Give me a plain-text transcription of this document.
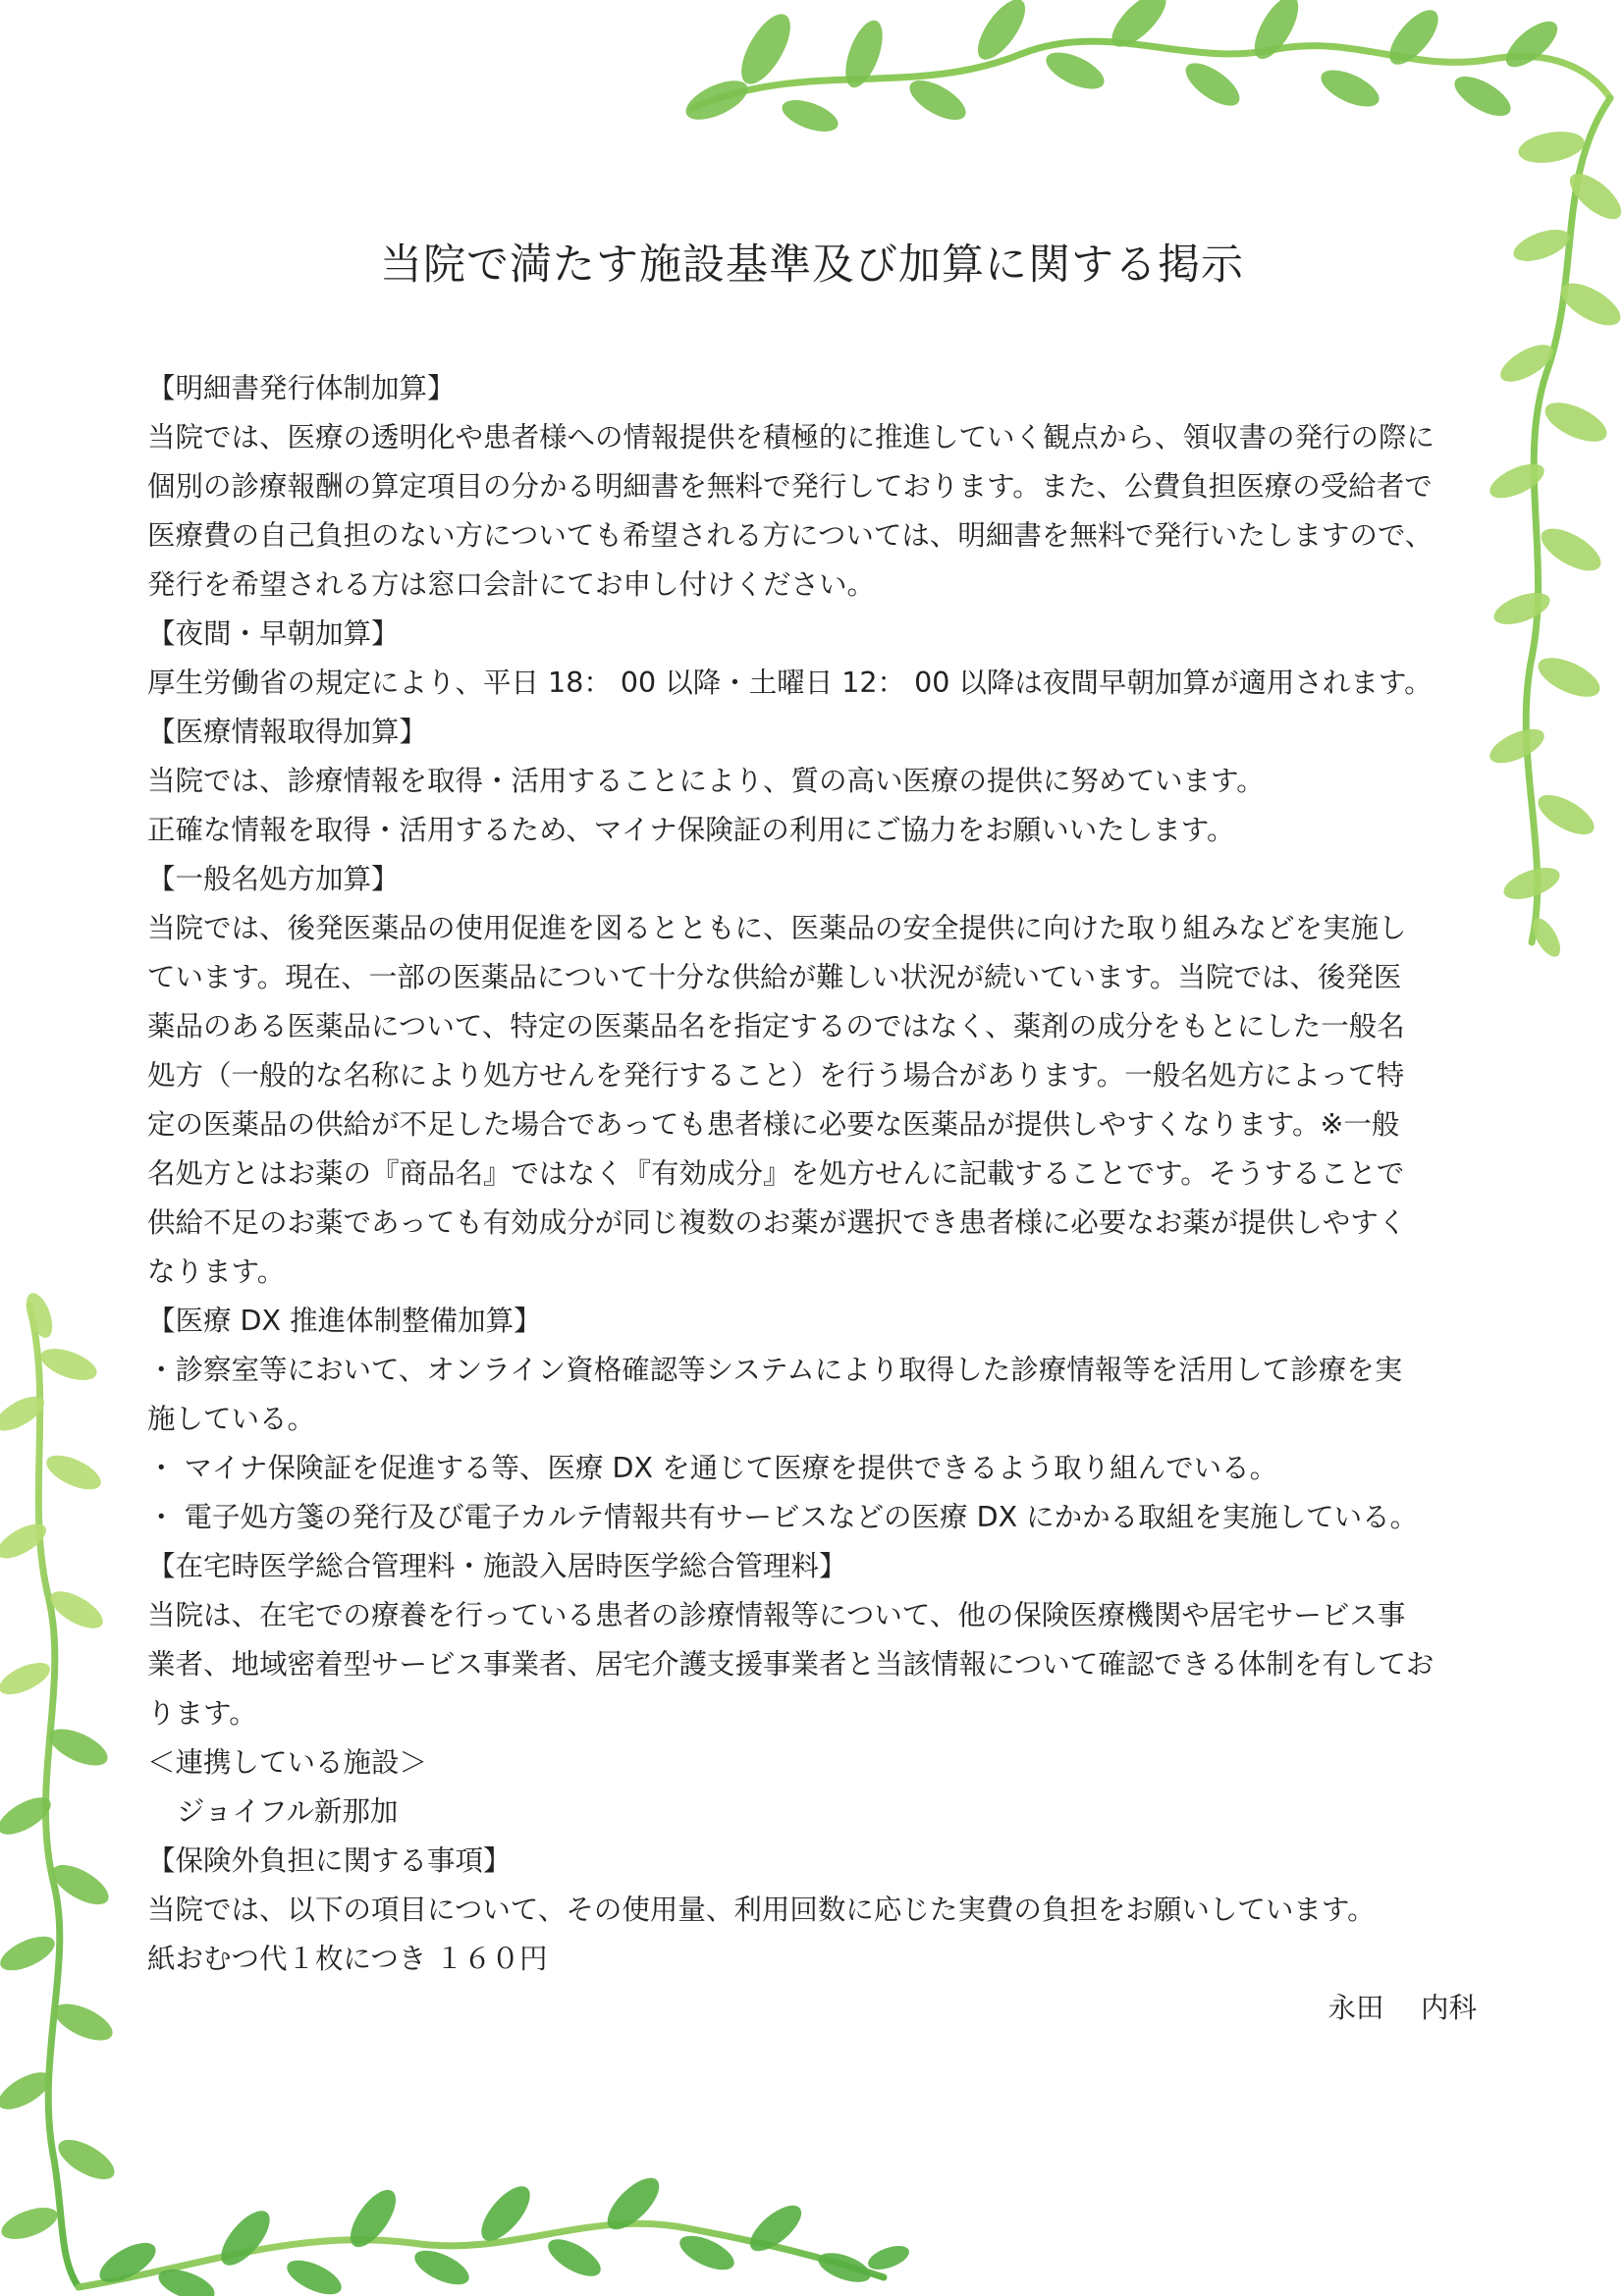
当院で満たす施設基準及び加算に関する掲示

【明細書発行体制加算】

当院では、医療の透明化や患者様への情報提供を積極的に推進していく観点から、領収書の発行の際に

個別の診療報酬の算定項目の分かる明細書を無料で発行しております。また、公費負担医療の受給者で

医療費の自己負担のない方についても希望される方については、明細書を無料で発行いたしますので、

発行を希望される方は窓口会計にてお申し付けください。

【夜間・早朝加算】

厚生労働省の規定により、平日 18： 00 以降・土曜日 12： 00 以降は夜間早朝加算が適用されます。

【医療情報取得加算】

当院では、診療情報を取得・活用することにより、質の高い医療の提供に努めています。

正確な情報を取得・活用するため、マイナ保険証の利用にご協力をお願いいたします。

【一般名処方加算】

当院では、後発医薬品の使用促進を図るとともに、医薬品の安全提供に向けた取り組みなどを実施し

ています。現在、一部の医薬品について十分な供給が難しい状況が続いています。当院では、後発医

薬品のある医薬品について、特定の医薬品名を指定するのではなく、薬剤の成分をもとにした一般名

処方（一般的な名称により処方せんを発行すること）を行う場合があります。一般名処方によって特

定の医薬品の供給が不足した場合であっても患者様に必要な医薬品が提供しやすくなります。※一般

名処方とはお薬の『商品名』ではなく『有効成分』を処方せんに記載することです。そうすることで

供給不足のお薬であっても有効成分が同じ複数のお薬が選択でき患者様に必要なお薬が提供しやすく

なります。

【医療 DX 推進体制整備加算】

・診察室等において、オンライン資格確認等システムにより取得した診療情報等を活用して診療を実

施している。

・ マイナ保険証を促進する等、医療 DX を通じて医療を提供できるよう取り組んでいる。

・ 電子処方箋の発行及び電子カルテ情報共有サービスなどの医療 DX にかかる取組を実施している。

【在宅時医学総合管理料・施設入居時医学総合管理料】

当院は、在宅での療養を行っている患者の診療情報等について、他の保険医療機関や居宅サービス事

業者、地域密着型サービス事業者、居宅介護支援事業者と当該情報について確認できる体制を有してお

ります。

＜連携している施設＞

ジョイフル新那加

【保険外負担に関する事項】

当院では、以下の項目について、その使用量、利用回数に応じた実費の負担をお願いしています。

紙おむつ代１枚につき １６０円

永田　 内科
